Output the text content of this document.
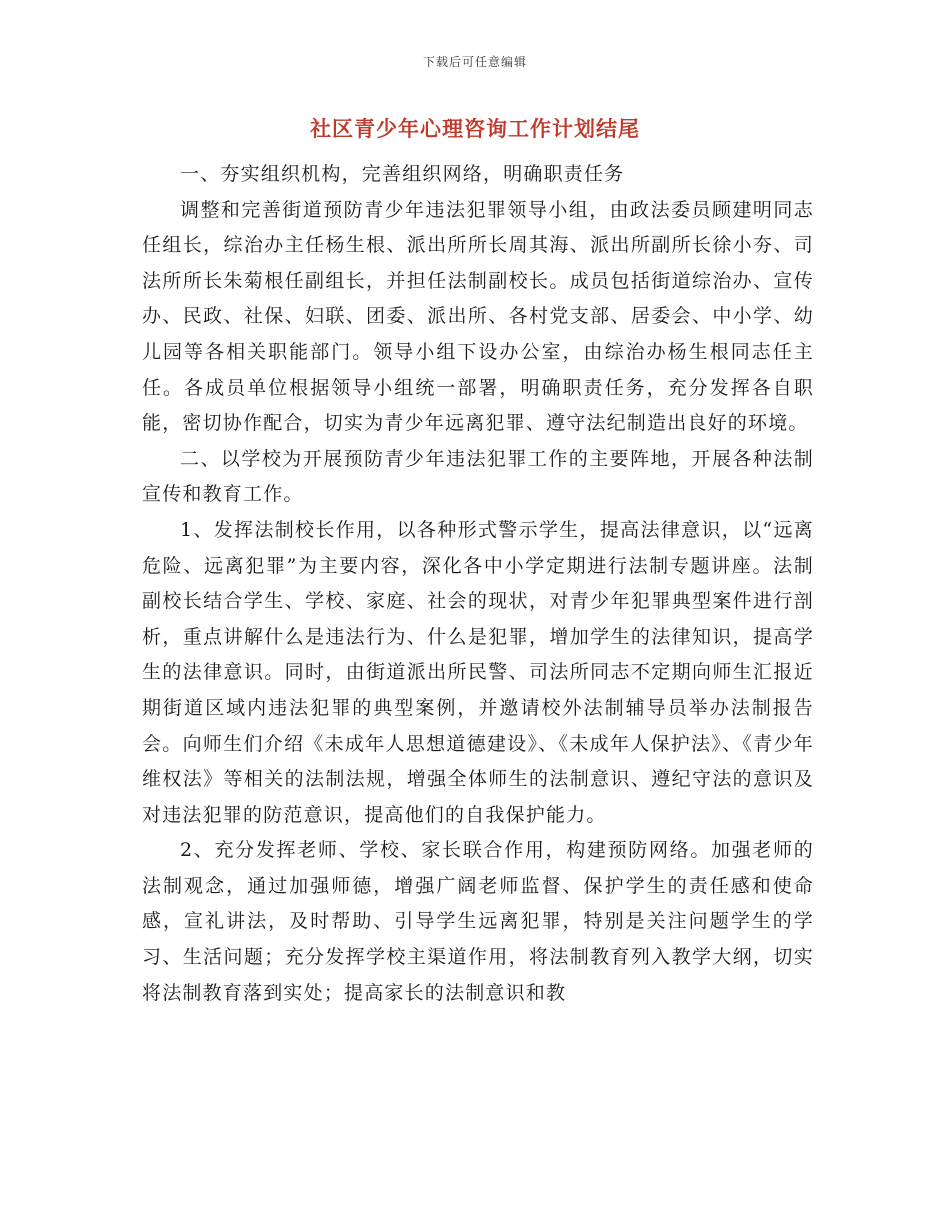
下载后可任意编辑
社区青少年心理咨询工作计划结尾

一、夯实组织机构，完善组织网络，明确职责任务

调整和完善街道预防青少年违法犯罪领导小组，由政法委员顾建明同志任组长，综治办主任杨生根、派出所所长周其海、派出所副所长徐小夯、司法所所长朱菊根任副组长，并担任法制副校长。成员包括街道综治办、宣传办、民政、社保、妇联、团委、派出所、各村党支部、居委会、中小学、幼儿园等各相关职能部门。领导小组下设办公室，由综治办杨生根同志任主任。各成员单位根据领导小组统一部署，明确职责任务，充分发挥各自职能，密切协作配合，切实为青少年远离犯罪、遵守法纪制造出良好的环境。

二、以学校为开展预防青少年违法犯罪工作的主要阵地，开展各种法制宣传和教育工作。

1、发挥法制校长作用，以各种形式警示学生，提高法律意识，以“远离危险、远离犯罪”为主要内容，深化各中小学定期进行法制专题讲座。法制副校长结合学生、学校、家庭、社会的现状，对青少年犯罪典型案件进行剖析，重点讲解什么是违法行为、什么是犯罪，增加学生的法律知识，提高学生的法律意识。同时，由街道派出所民警、司法所同志不定期向师生汇报近期街道区域内违法犯罪的典型案例，并邀请校外法制辅导员举办法制报告会。向师生们介绍《未成年人思想道德建设》、《未成年人保护法》、《青少年维权法》等相关的法制法规，增强全体师生的法制意识、遵纪守法的意识及对违法犯罪的防范意识，提高他们的自我保护能力。

2、充分发挥老师、学校、家长联合作用，构建预防网络。加强老师的法制观念，通过加强师德，增强广阔老师监督、保护学生的责任感和使命感，宣礼讲法，及时帮助、引导学生远离犯罪，特别是关注问题学生的学习、生活问题；充分发挥学校主渠道作用，将法制教育列入教学大纲，切实将法制教育落到实处；提高家长的法制意识和教
